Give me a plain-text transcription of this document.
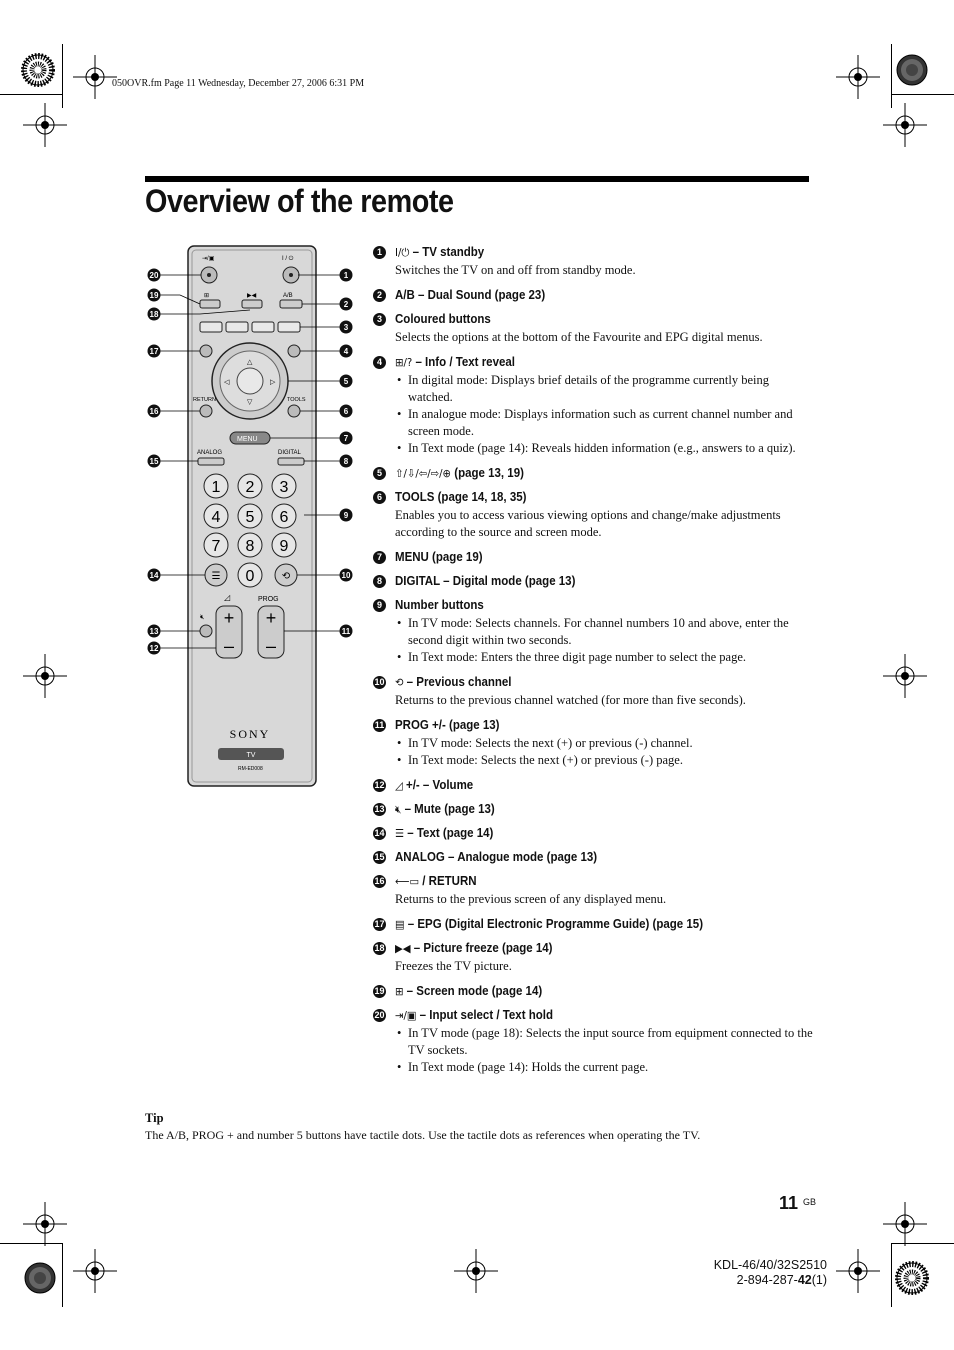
050OVR.fm Page 11 Wednesday, December 27, 2006 6:31 PM
Overview of the remote
⇥/▣	I / ⏻
⊞	▶◀	A/B
△
▽
◁	▷
RETURN	TOOLS
MENU
ANALOG	DIGITAL
1 2 3
4 5 6
7 8 9
0
☰	⟲
◿	PROG
+
–
+
–
🔇︎
SONY
TV
RM-ED008
1
2
3
4
5
6
7
8
9
10
11
12
13
14
15
16
17
18
19
20
1	I/⏻ – TV standby
Switches the TV on and off from standby mode.
2	A/B – Dual Sound (page 23)
3	Coloured buttons
Selects the options at the bottom of the Favourite and EPG digital menus.
4	⊞/? – Info / Text reveal
• In digital mode: Displays brief details of the programme currently being watched.
• In analogue mode: Displays information such as current channel number and screen mode.
• In Text mode (page 14): Reveals hidden information (e.g., answers to a quiz).
5	⇧/⇩/⇦/⇨/⊕ (page 13, 19)
6	TOOLS (page 14, 18, 35)
Enables you to access various viewing options and change/make adjustments according to the source and screen mode.
7	MENU (page 19)
8	DIGITAL – Digital mode (page 13)
9	Number buttons
• In TV mode: Selects channels. For channel numbers 10 and above, enter the second digit within two seconds.
• In Text mode: Enters the three digit page number to select the page.
10 ⟲ – Previous channel
Returns to the previous channel watched (for more than five seconds).
11 PROG +/- (page 13)
• In TV mode: Selects the next (+) or previous (-) channel.
• In Text mode: Selects the next (+) or previous (-) page.
12 ◿ +/- – Volume
13 🔇︎ – Mute (page 13)
14 ☰ – Text (page 14)
15 ANALOG – Analogue mode (page 13)
16 ⟵▭ / RETURN
Returns to the previous screen of any displayed menu.
17 ▤ – EPG (Digital Electronic Programme Guide) (page 15)
18 ▶◀ – Picture freeze (page 14)
Freezes the TV picture.
19 ⊞ – Screen mode (page 14)
20 ⇥/▣ – Input select / Text hold
• In TV mode (page 18): Selects the input source from equipment connected to the TV sockets.
• In Text mode (page 14): Holds the current page.
Tip
The A/B, PROG + and number 5 buttons have tactile dots. Use the tactile dots as references when operating the TV.
11 GB
KDL-46/40/32S2510
2-894-287-42(1)
